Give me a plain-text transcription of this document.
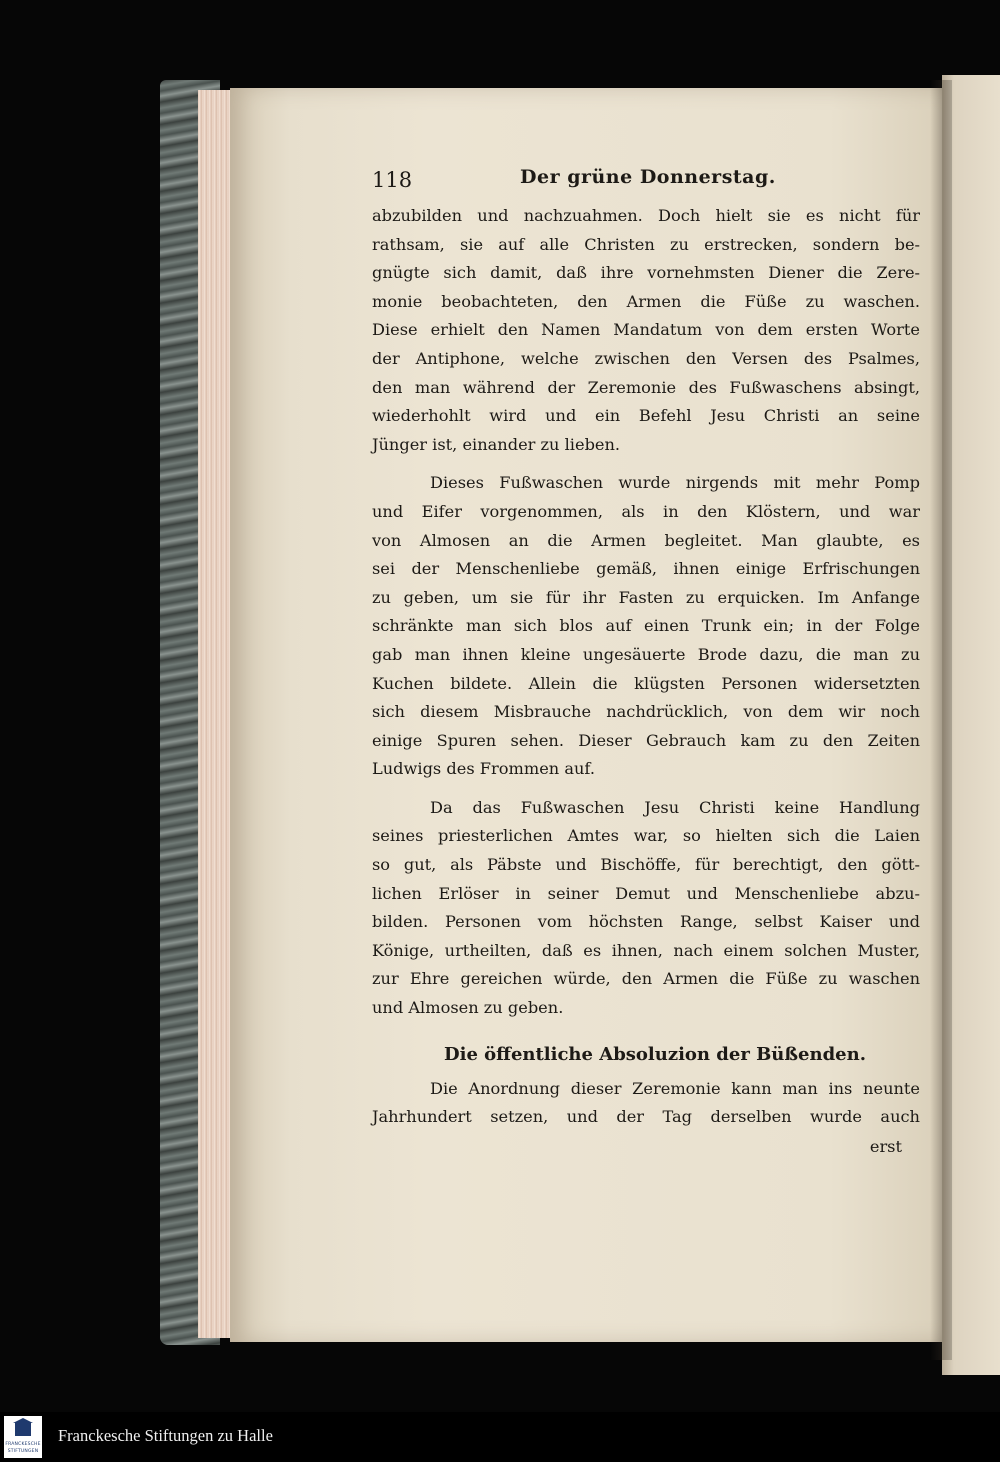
118	Der grüne Donnerstag.

abzubilden und nachzuahmen. Doch hielt sie es nicht für
rathsam, sie auf alle Christen zu erstrecken, sondern be-
gnügte sich damit, daß ihre vornehmsten Diener die Zere-
monie beobachteten, den Armen die Füße zu waschen.
Diese erhielt den Namen Mandatum von dem ersten Worte
der Antiphone, welche zwischen den Versen des Psalmes,
den man während der Zeremonie des Fußwaschens absingt,
wiederhohlt wird und ein Befehl Jesu Christi an seine
Jünger ist, einander zu lieben.

Dieses Fußwaschen wurde nirgends mit mehr Pomp
und Eifer vorgenommen, als in den Klöstern, und war
von Almosen an die Armen begleitet. Man glaubte, es
sei der Menschenliebe gemäß, ihnen einige Erfrischungen
zu geben, um sie für ihr Fasten zu erquicken. Im Anfange
schränkte man sich blos auf einen Trunk ein; in der Folge
gab man ihnen kleine ungesäuerte Brode dazu, die man zu
Kuchen bildete. Allein die klügsten Personen widersetzten
sich diesem Misbrauche nachdrücklich, von dem wir noch
einige Spuren sehen. Dieser Gebrauch kam zu den Zeiten
Ludwigs des Frommen auf.

Da das Fußwaschen Jesu Christi keine Handlung
seines priesterlichen Amtes war, so hielten sich die Laien
so gut, als Päbste und Bischöffe, für berechtigt, den gött-
lichen Erlöser in seiner Demut und Menschenliebe abzu-
bilden. Personen vom höchsten Range, selbst Kaiser und
Könige, urtheilten, daß es ihnen, nach einem solchen Muster,
zur Ehre gereichen würde, den Armen die Füße zu waschen
und Almosen zu geben.

Die öffentliche Absoluzion der Büßenden.

Die Anordnung dieser Zeremonie kann man ins neunte
Jahrhundert setzen, und der Tag derselben wurde auch

erst
FRANCKESCHE
STIFTUNGEN
Franckesche Stiftungen zu Halle
